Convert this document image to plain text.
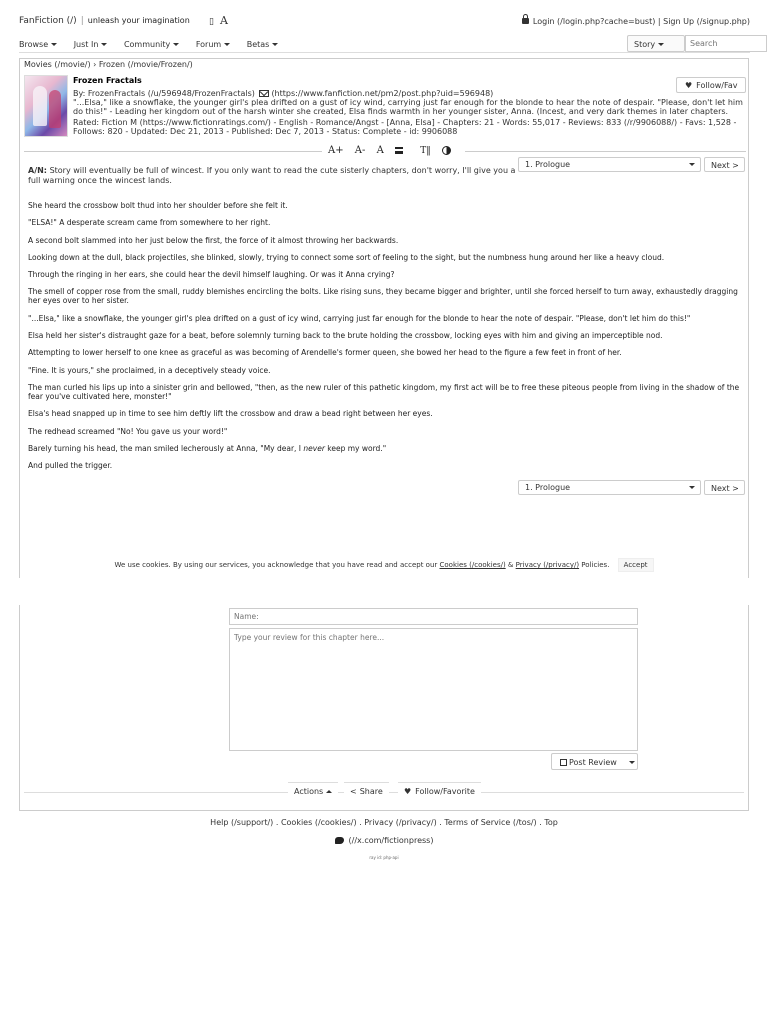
FanFiction (/) | unleash your imagination ▯ A	Login (/login.php?cache=bust) | Sign Up (/signup.php)
Browse	Just In	Community	Forum	Betas	Story
Search
Movies (/movie/) › Frozen (/movie/Frozen/)
Frozen Fractals
♥ Follow/Fav
By: FrozenFractals (/u/596948/FrozenFractals) (https://www.fanfiction.net/pm2/post.php?uid=596948)
"...Elsa," like a snowflake, the younger girl's plea drifted on a gust of icy wind, carrying just far enough for the blonde to hear the note of despair. "Please, don't let him do this!" - Leading her kingdom out of the harsh winter she created, Elsa finds warmth in her younger sister, Anna. (Incest, and very dark themes in later chapters.
Rated: Fiction M (https://www.fictionratings.com/) - English - Romance/Angst - [Anna, Elsa] - Chapters: 21 - Words: 55,017 - Reviews: 833 (/r/9906088/) - Favs: 1,528 -
Follows: 820 - Updated: Dec 21, 2013 - Published: Dec 7, 2013 - Status: Complete - id: 9906088
A+ A- A	T‖
1. Prologue	Next >
A/N: Story will eventually be full of wincest. If you only want to read the cute sisterly chapters, don't worry, I'll give you a full warning once the wincest lands.

She heard the crossbow bolt thud into her shoulder before she felt it.

"ELSA!" A desperate scream came from somewhere to her right.

A second bolt slammed into her just below the first, the force of it almost throwing her backwards.

Looking down at the dull, black projectiles, she blinked, slowly, trying to connect some sort of feeling to the sight, but the numbness hung around her like a heavy cloud.

Through the ringing in her ears, she could hear the devil himself laughing. Or was it Anna crying?

The smell of copper rose from the small, ruddy blemishes encircling the bolts. Like rising suns, they became bigger and brighter, until she forced herself to turn away, exhaustedly dragging her eyes over to her sister.

"...Elsa," like a snowflake, the younger girl's plea drifted on a gust of icy wind, carrying just far enough for the blonde to hear the note of despair. "Please, don't let him do this!"

Elsa held her sister's distraught gaze for a beat, before solemnly turning back to the brute holding the crossbow, locking eyes with him and giving an imperceptible nod.

Attempting to lower herself to one knee as graceful as was becoming of Arendelle's former queen, she bowed her head to the figure a few feet in front of her.

"Fine. It is yours," she proclaimed, in a deceptively steady voice.

The man curled his lips up into a sinister grin and bellowed, "then, as the new ruler of this pathetic kingdom, my first act will be to free these piteous people from living in the shadow of the fear you've cultivated here, monster!"

Elsa's head snapped up in time to see him deftly lift the crossbow and draw a bead right between her eyes.

The redhead screamed "No! You gave us your word!"

Barely turning his head, the man smiled lecherously at Anna, "My dear, I never keep my word."

And pulled the trigger.

1. Prologue	Next >
We use cookies. By using our services, you acknowledge that you have read and accept our Cookies (/cookies/) & Privacy (/privacy/) Policies. Accept
Name:
Type your review for this chapter here...
Post Review
Actions	< Share	♥ Follow/Favorite
Help (/support/) . Cookies (/cookies/) . Privacy (/privacy/) . Terms of Service (/tos/) . Top
(//x.com/fictionpress)
ray id: php-api
